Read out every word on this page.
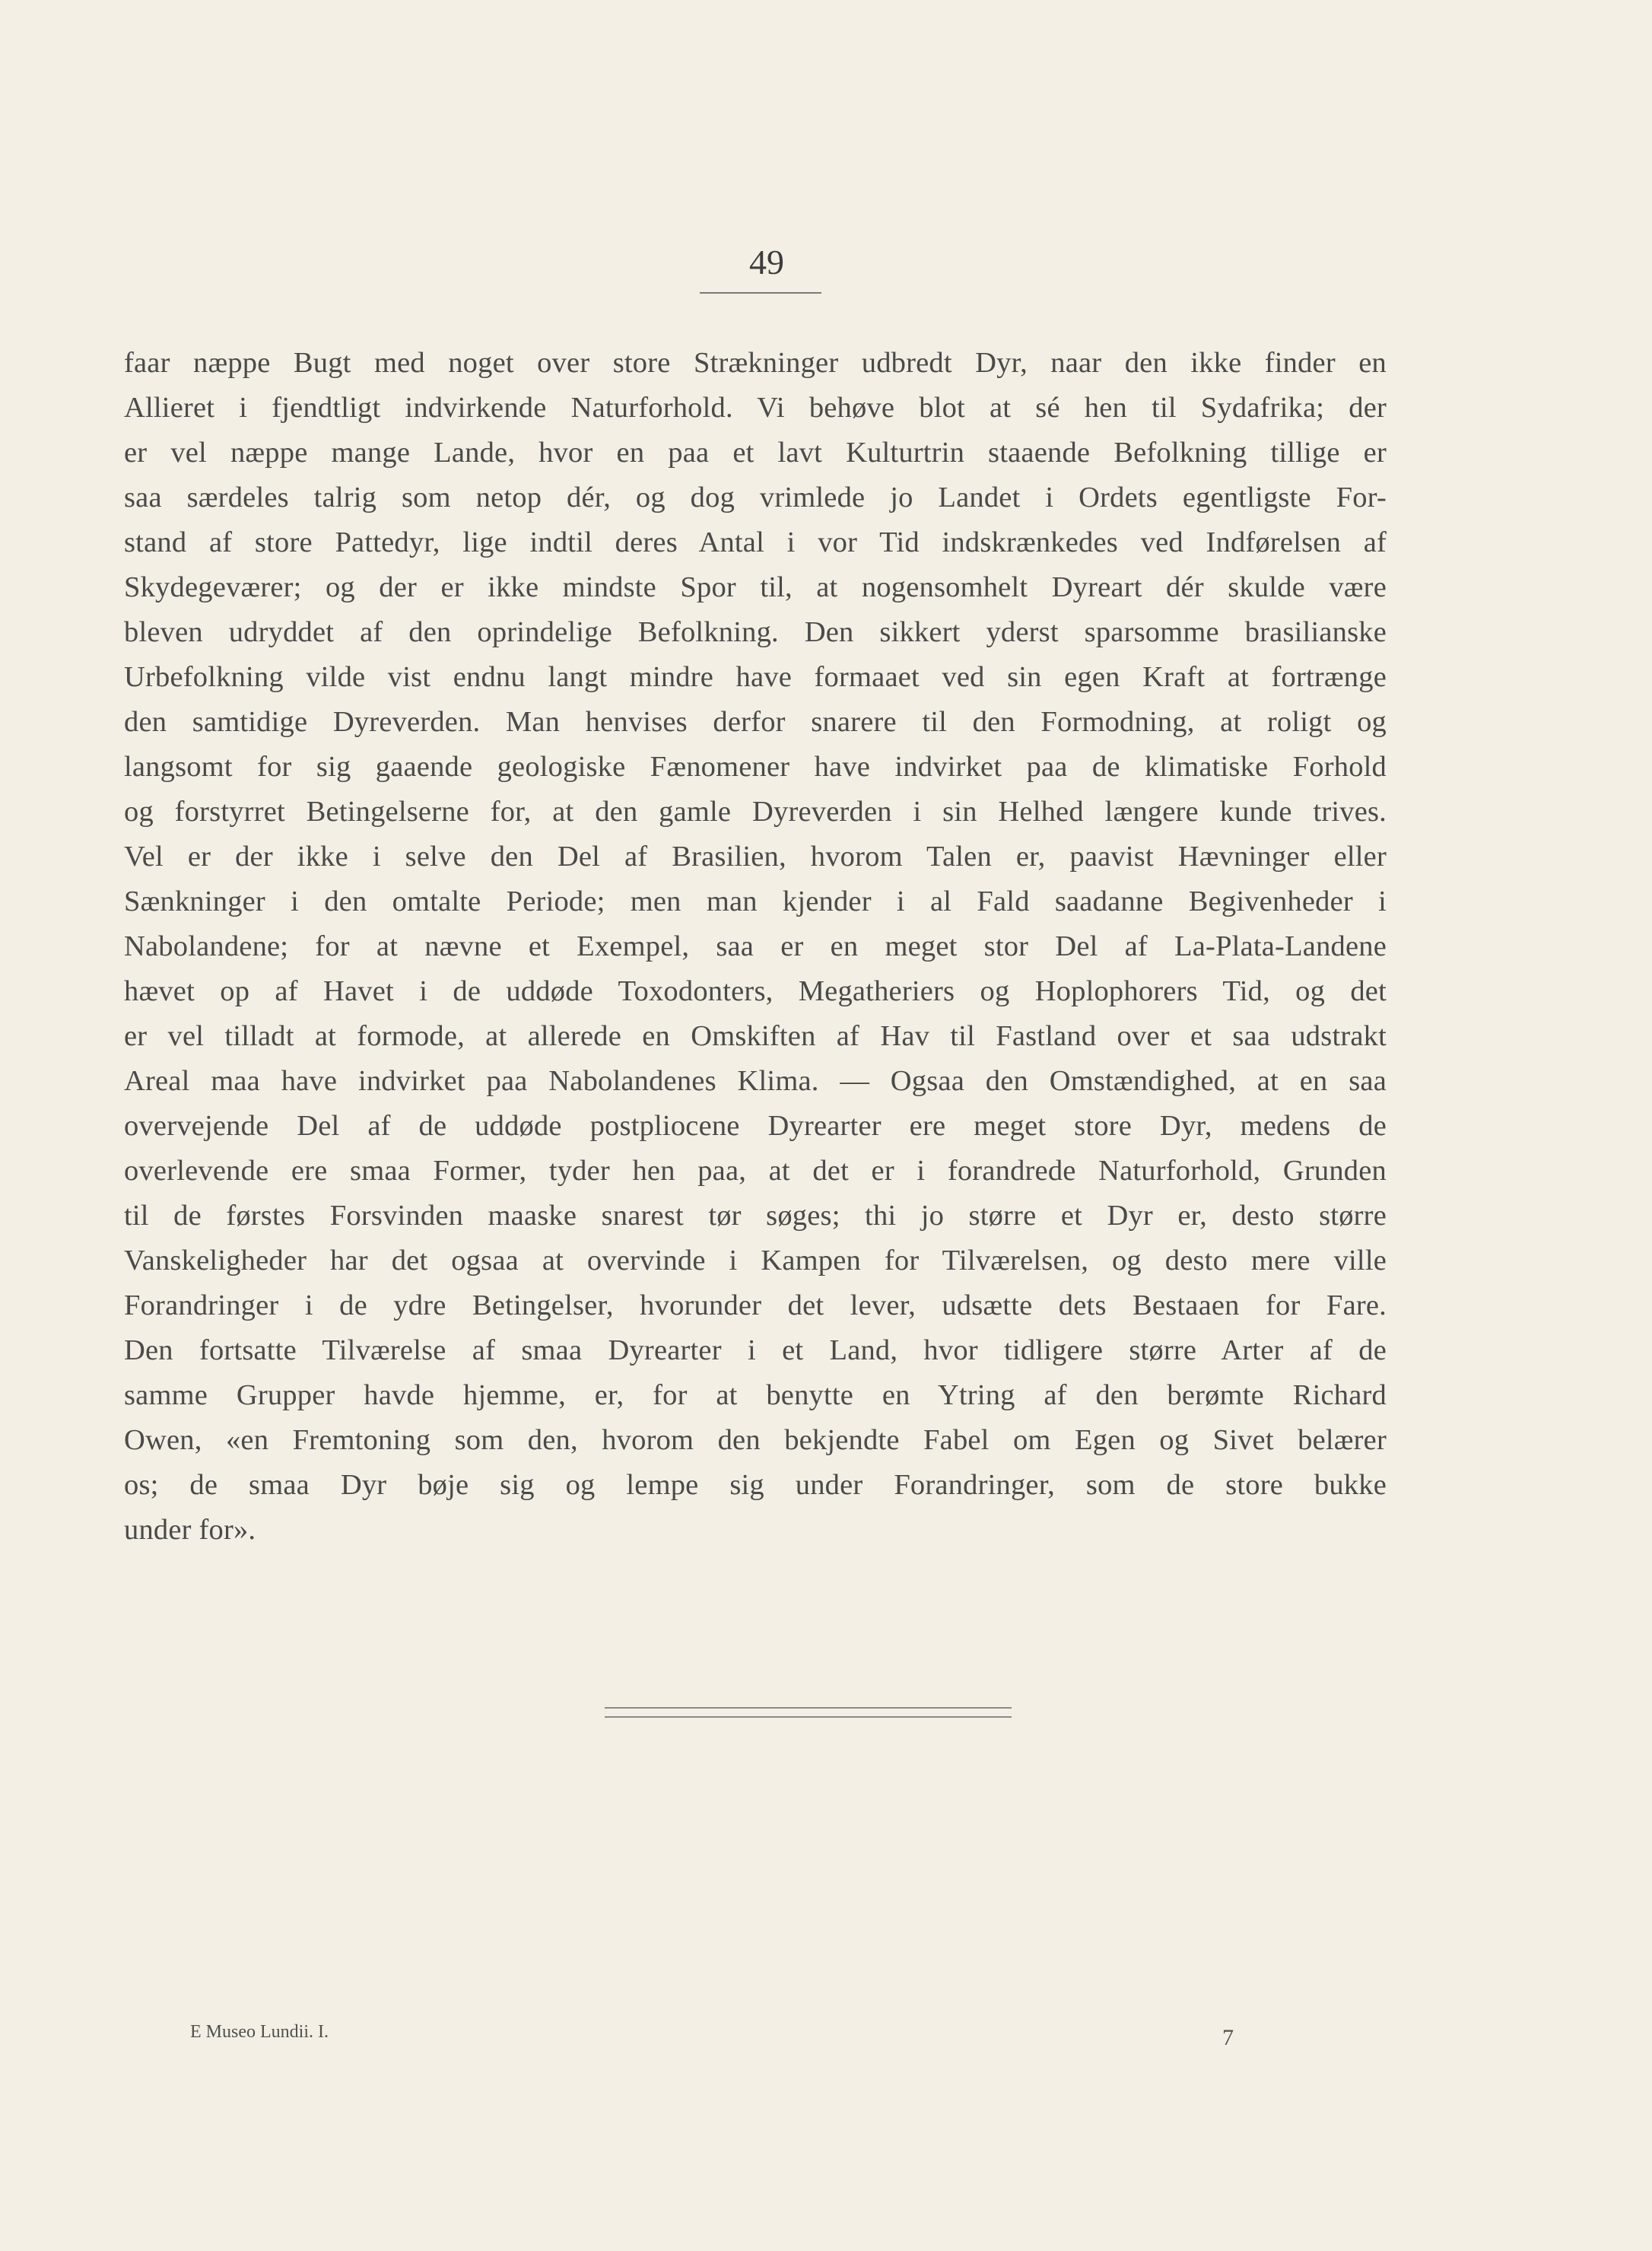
49
faar næppe Bugt med noget over store Strækninger udbredt Dyr, naar den ikke finder en
Allieret i fjendtligt indvirkende Naturforhold. Vi behøve blot at sé hen til Sydafrika; der
er vel næppe mange Lande, hvor en paa et lavt Kulturtrin staaende Befolkning tillige er
saa særdeles talrig som netop dér, og dog vrimlede jo Landet i Ordets egentligste For-
stand af store Pattedyr, lige indtil deres Antal i vor Tid indskrænkedes ved Indførelsen af
Skydegeværer; og der er ikke mindste Spor til, at nogensomhelt Dyreart dér skulde være
bleven udryddet af den oprindelige Befolkning. Den sikkert yderst sparsomme brasilianske
Urbefolkning vilde vist endnu langt mindre have formaaet ved sin egen Kraft at fortrænge
den samtidige Dyreverden. Man henvises derfor snarere til den Formodning, at roligt og
langsomt for sig gaaende geologiske Fænomener have indvirket paa de klimatiske Forhold
og forstyrret Betingelserne for, at den gamle Dyreverden i sin Helhed længere kunde trives.
Vel er der ikke i selve den Del af Brasilien, hvorom Talen er, paavist Hævninger eller
Sænkninger i den omtalte Periode; men man kjender i al Fald saadanne Begivenheder i
Nabolandene; for at nævne et Exempel, saa er en meget stor Del af La-Plata-Landene
hævet op af Havet i de uddøde Toxodonters, Megatheriers og Hoplophorers Tid, og det
er vel tilladt at formode, at allerede en Omskiften af Hav til Fastland over et saa udstrakt
Areal maa have indvirket paa Nabolandenes Klima. — Ogsaa den Omstændighed, at en saa
overvejende Del af de uddøde postpliocene Dyrearter ere meget store Dyr, medens de
overlevende ere smaa Former, tyder hen paa, at det er i forandrede Naturforhold, Grunden
til de førstes Forsvinden maaske snarest tør søges; thi jo større et Dyr er, desto større
Vanskeligheder har det ogsaa at overvinde i Kampen for Tilværelsen, og desto mere ville
Forandringer i de ydre Betingelser, hvorunder det lever, udsætte dets Bestaaen for Fare.
Den fortsatte Tilværelse af smaa Dyrearter i et Land, hvor tidligere større Arter af de
samme Grupper havde hjemme, er, for at benytte en Ytring af den berømte Richard
Owen, «en Fremtoning som den, hvorom den bekjendte Fabel om Egen og Sivet belærer
os; de smaa Dyr bøje sig og lempe sig under Forandringer, som de store bukke
under for».
E Museo Lundii. I.	7
